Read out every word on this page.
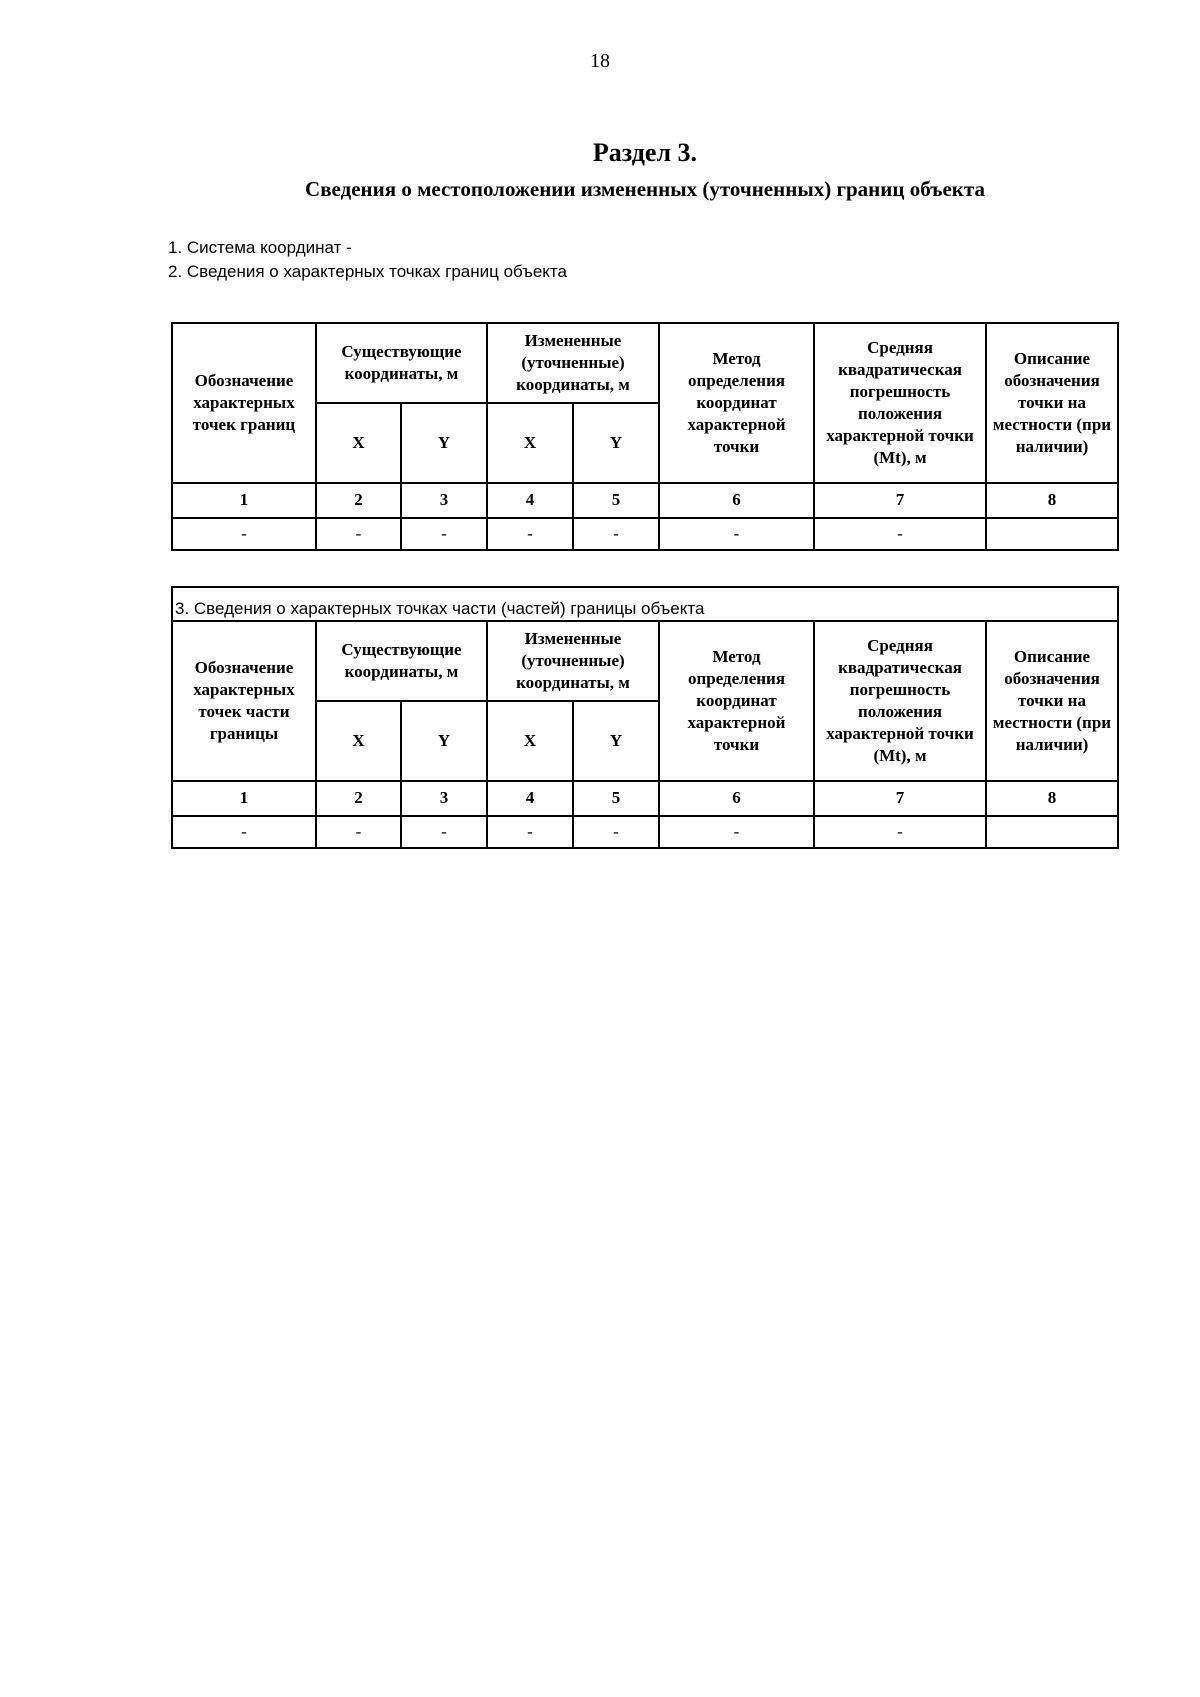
18
Раздел 3.
Сведения о местоположении измененных (уточненных) границ объекта
1. Система координат -
2. Сведения о характерных точках границ объекта
Обозначение характерных точек границ	Существующие координаты, м		Измененные (уточненные) координаты, м		Метод определения координат характерной точки	Средняя квадратическая погрешность положения характерной точки (Mt), м	Описание обозначения точки на местности (при наличии)
	X	Y	X	Y			
1	2	3	4	5	6	7	8
-	-	-	-	-	-	-	
3. Сведения о характерных точках части (частей) границы объекта							
Обозначение характерных точек части границы	Существующие координаты, м		Измененные (уточненные) координаты, м		Метод определения координат характерной точки	Средняя квадратическая погрешность положения характерной точки (Mt), м	Описание обозначения точки на местности (при наличии)
	X	Y	X	Y			
1	2	3	4	5	6	7	8
-	-	-	-	-	-	-	
